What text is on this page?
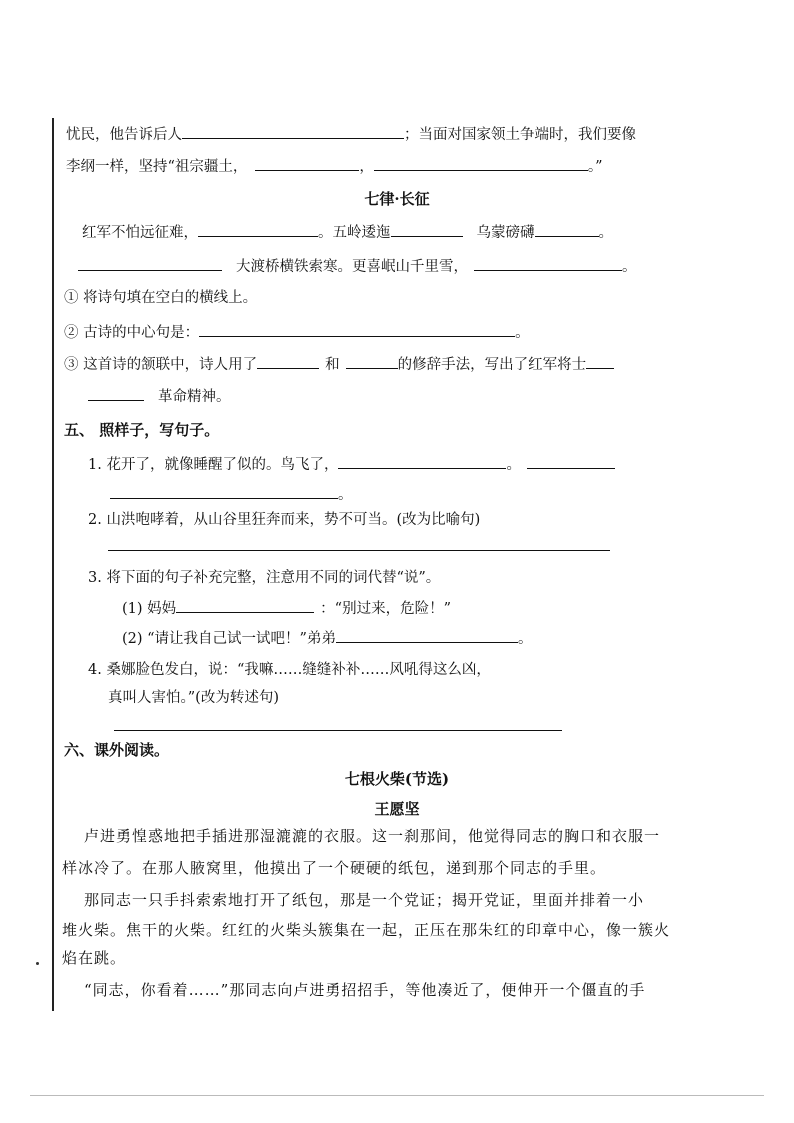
忧民，他告诉后人	；当面对国家领土争端时，我们要像
李纲一样，坚持“祖宗疆土，	，	。”
七律·长征
红军不怕远征难，	。五岭逶迤	乌蒙磅礴	。
大渡桥横铁索寒。更喜岷山千里雪，	。
① 将诗句填在空白的横线上。
② 古诗的中心句是：	。
③ 这首诗的颔联中，诗人用了	和	的修辞手法，写出了红军将士
革命精神。
五、 照样子，写句子。
1. 花开了，就像睡醒了似的。鸟飞了，	。
。
2. 山洪咆哮着，从山谷里狂奔而来，势不可当。(改为比喻句)
3. 将下面的句子补充完整，注意用不同的词代替“说”。
(1) 妈妈	：“别过来，危险！”
(2) “请让我自己试一试吧！”弟弟	。
4. 桑娜脸色发白，说：“我嘛……缝缝补补……风吼得这么凶，
真叫人害怕。”(改为转述句)
六、课外阅读。
七根火柴(节选)
王愿坚
卢进勇惶惑地把手插进那湿漉漉的衣服。这一刹那间，他觉得同志的胸口和衣服一
样冰冷了。在那人腋窝里，他摸出了一个硬硬的纸包，递到那个同志的手里。
那同志一只手抖索索地打开了纸包，那是一个党证；揭开党证，里面并排着一小
堆火柴。焦干的火柴。红红的火柴头簇集在一起，正压在那朱红的印章中心，像一簇火
焰在跳。
“同志，你看着……”那同志向卢进勇招招手，等他凑近了，便伸开一个僵直的手
